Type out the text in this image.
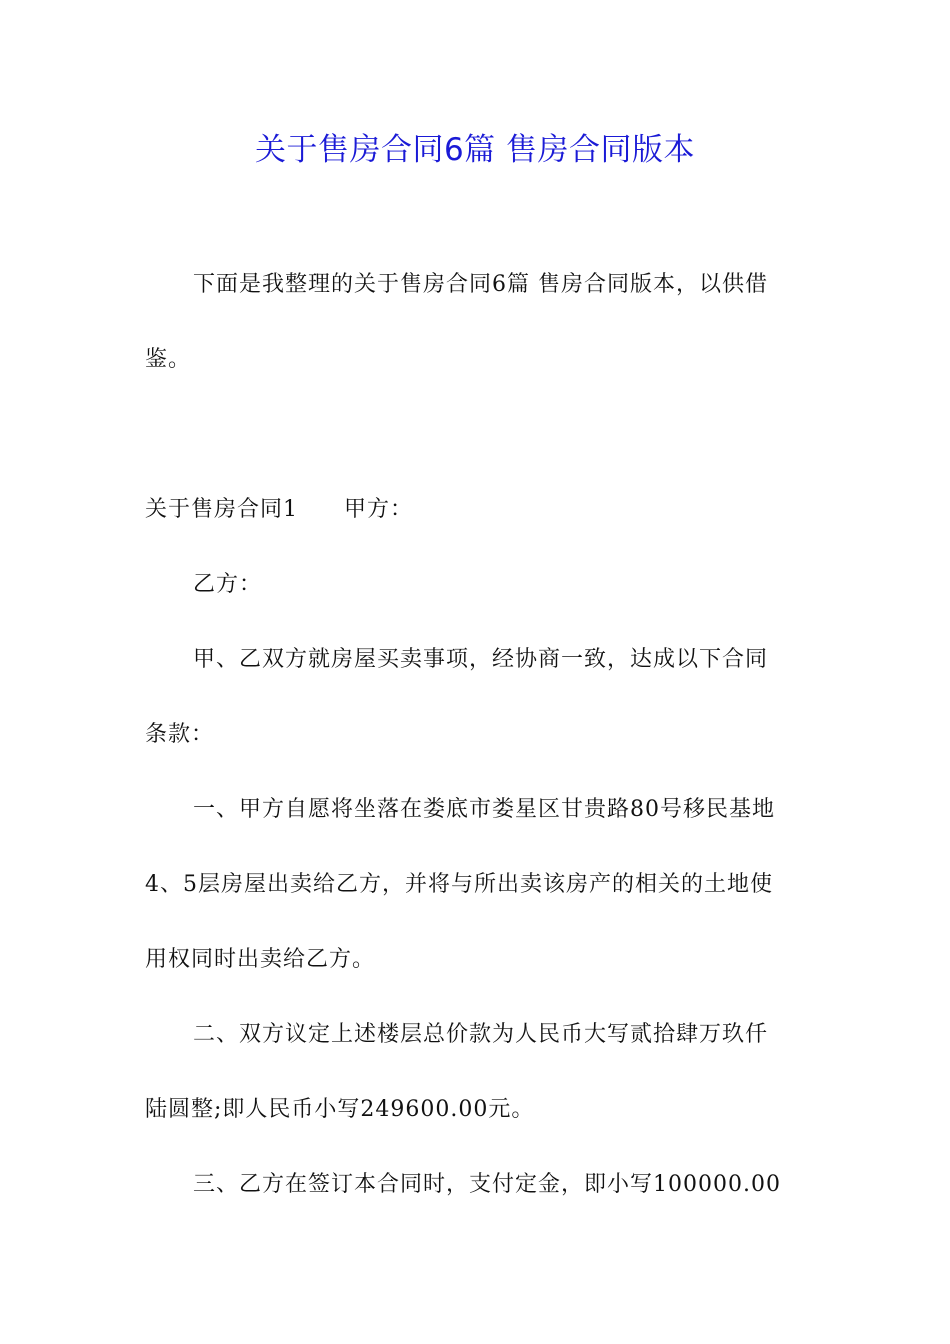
关于售房合同6篇 售房合同版本

下面是我整理的关于售房合同6篇 售房合同版本，以供借

鉴。

关于售房合同1　　甲方：

乙方：

甲、乙双方就房屋买卖事项，经协商一致，达成以下合同

条款：

一、甲方自愿将坐落在娄底市娄星区甘贵路80号移民基地

4、5层房屋出卖给乙方，并将与所出卖该房产的相关的土地使

用权同时出卖给乙方。

二、双方议定上述楼层总价款为人民币大写贰拾肆万玖仟

陆圆整;即人民币小写249600.00元。

三、乙方在签订本合同时，支付定金，即小写100000.00
